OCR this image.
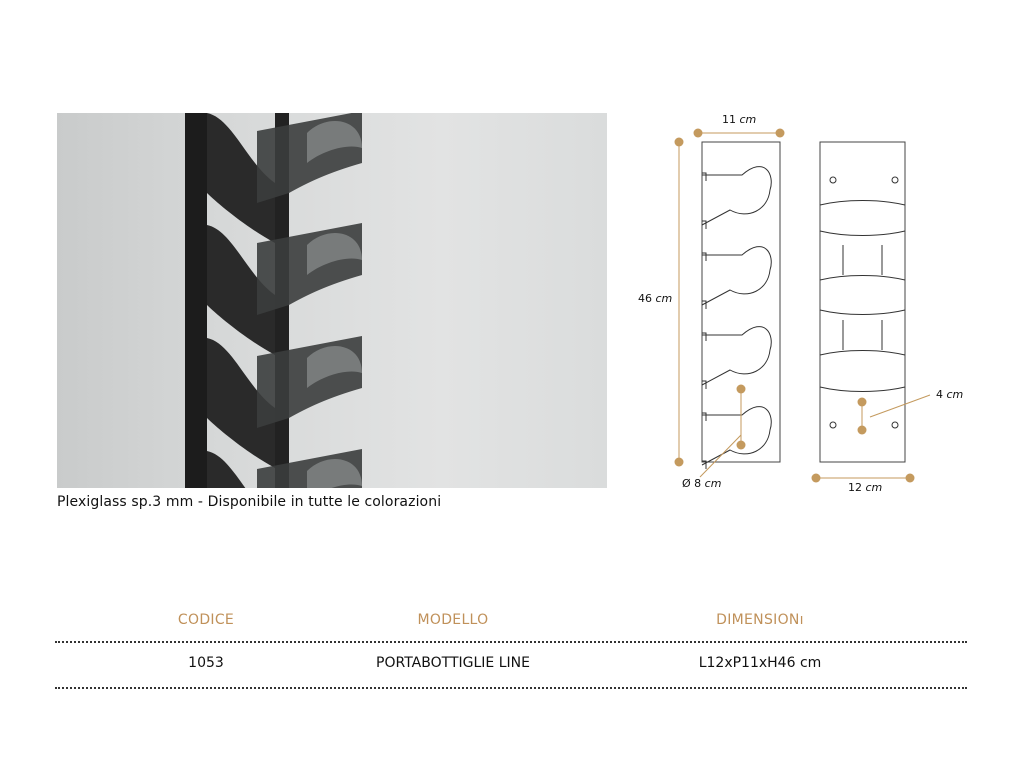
Plexiglass sp.3 mm - Disponibile in tutte le colorazioni
11 cm
46 cm
Ø 8 cm
4 cm
12 cm
CODICE	MODELLO	DIMENSIONı
1053	PORTABOTTIGLIE LINE	L12xP11xH46 cm
